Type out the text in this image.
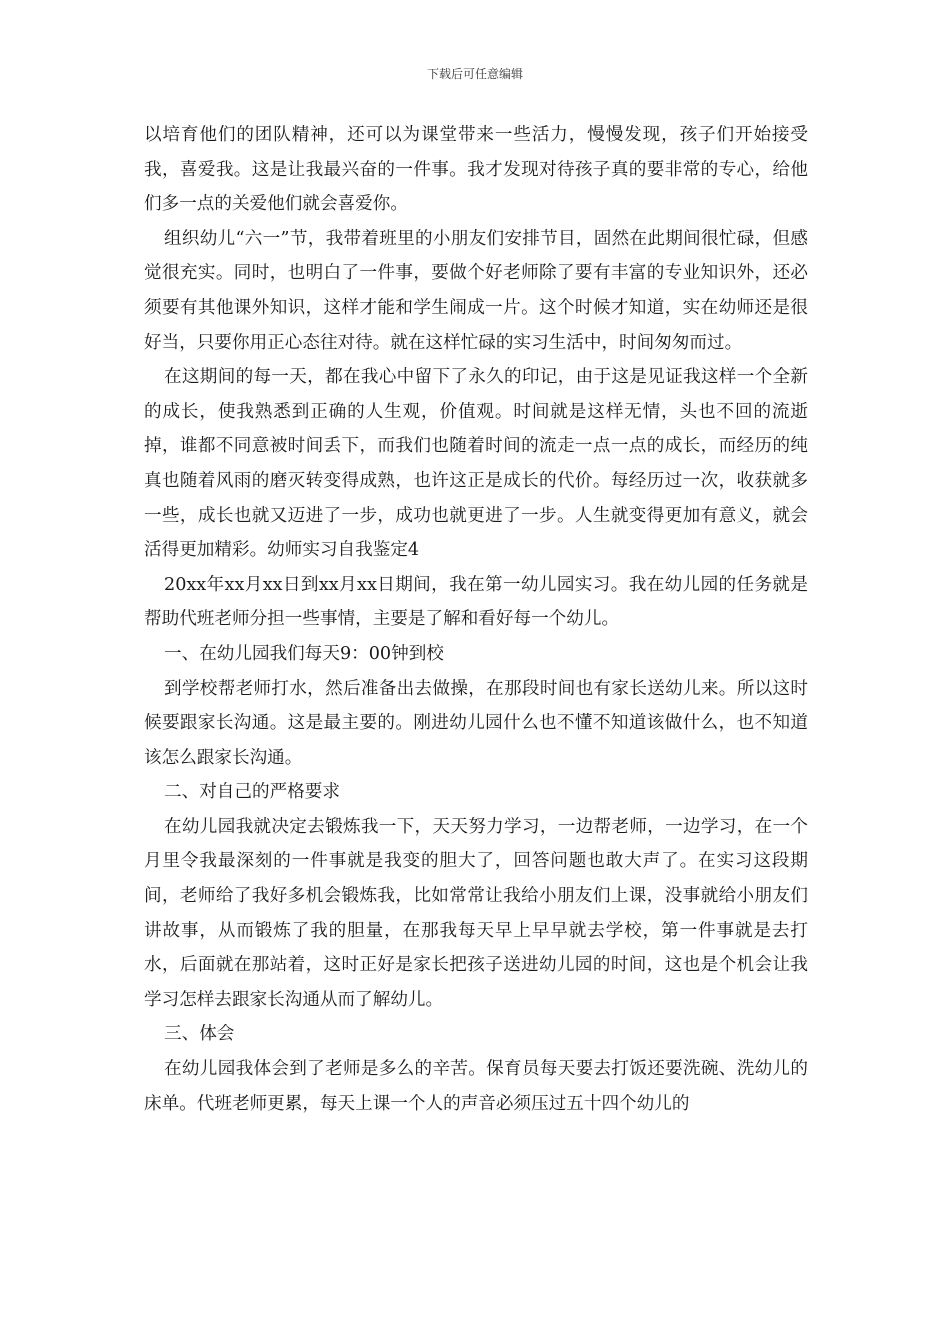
下载后可任意编辑

以培育他们的团队精神，还可以为课堂带来一些活力，慢慢发现，孩子们开始接受我，喜爱我。这是让我最兴奋的一件事。我才发现对待孩子真的要非常的专心，给他们多一点的关爱他们就会喜爱你。

组织幼儿“六一”节，我带着班里的小朋友们安排节目，固然在此期间很忙碌，但感觉很充实。同时，也明白了一件事，要做个好老师除了要有丰富的专业知识外，还必须要有其他课外知识，这样才能和学生闹成一片。这个时候才知道，实在幼师还是很好当，只要你用正心态往对待。就在这样忙碌的实习生活中，时间匆匆而过。

在这期间的每一天，都在我心中留下了永久的印记，由于这是见证我这样一个全新的成长，使我熟悉到正确的人生观，价值观。时间就是这样无情，头也不回的流逝掉，谁都不同意被时间丢下，而我们也随着时间的流走一点一点的成长，而经历的纯真也随着风雨的磨灭转变得成熟，也许这正是成长的代价。每经历过一次，收获就多一些，成长也就又迈进了一步，成功也就更进了一步。人生就变得更加有意义，就会活得更加精彩。幼师实习自我鉴定4

20xx年xx月xx日到xx月xx日期间，我在第一幼儿园实习。我在幼儿园的任务就是帮助代班老师分担一些事情，主要是了解和看好每一个幼儿。

一、在幼儿园我们每天9：00钟到校

到学校帮老师打水，然后准备出去做操，在那段时间也有家长送幼儿来。所以这时候要跟家长沟通。这是最主要的。刚进幼儿园什么也不懂不知道该做什么，也不知道该怎么跟家长沟通。

二、对自己的严格要求

在幼儿园我就决定去锻炼我一下，天天努力学习，一边帮老师，一边学习，在一个月里令我最深刻的一件事就是我变的胆大了，回答问题也敢大声了。在实习这段期间，老师给了我好多机会锻炼我，比如常常让我给小朋友们上课，没事就给小朋友们讲故事，从而锻炼了我的胆量，在那我每天早上早早就去学校，第一件事就是去打水，后面就在那站着，这时正好是家长把孩子送进幼儿园的时间，这也是个机会让我学习怎样去跟家长沟通从而了解幼儿。

三、体会

在幼儿园我体会到了老师是多么的辛苦。保育员每天要去打饭还要洗碗、洗幼儿的床单。代班老师更累，每天上课一个人的声音必须压过五十四个幼儿的
